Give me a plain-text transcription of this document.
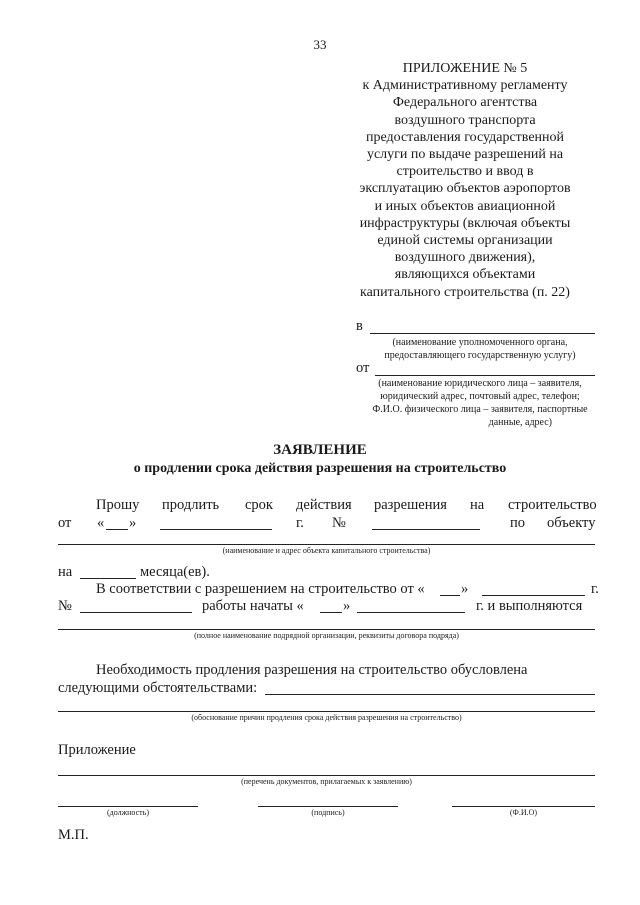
33
ПРИЛОЖЕНИЕ № 5
к Административному регламенту
Федерального агентства
воздушного транспорта
предоставления государственной
услуги по выдаче разрешений на
строительство и ввод в
эксплуатацию объектов аэропортов
и иных объектов авиационной
инфраструктуры (включая объекты
единой системы организации
воздушного движения),
являющихся объектами
капитального строительства (п. 22)
в
(наименование уполномоченного органа,
предоставляющего государственную услугу)
от
(наименование юридического лица – заявителя,
юридический адрес, почтовый адрес, телефон;
Ф.И.О. физического лица – заявителя, паспортные
данные, адрес)
ЗАЯВЛЕНИЕ
о продлении срока действия разрешения на строительство
Прошу продлить срок действия разрешения на строительство
от « »	г. №	по объекту
(наименование и адрес объекта капитального строительства)
на	месяца(ев).
В соответствии с разрешением на строительство от «	»	г.
№	работы начаты «	»	г. и выполняются
(полное наименование подрядной организации, реквизиты договора подряда)
Необходимость продления разрешения на строительство обусловлена
следующими обстоятельствами:
(обоснование причин продления срока действия разрешения на строительство)
Приложение
(перечень документов, прилагаемых к заявлению)
(должность)	(подпись)	(Ф.И.О)
М.П.
